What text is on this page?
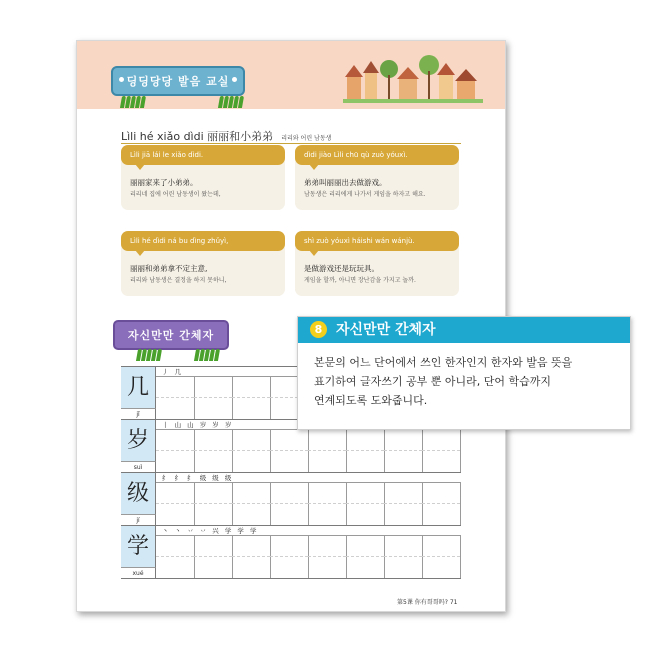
딩딩당당 발음 교실
Lìli hé xiǎo dìdi 丽丽和小弟弟 리리와 어린 남동생
Lìli jiā lái le xiǎo dìdi.
丽丽家来了小弟弟。
리리네 집에 어린 남동생이 왔는데,
dìdi jiào Lìli chū qù zuò yóuxì.
弟弟叫丽丽出去做游戏。
남동생은 리리에게 나가서 게임을 하자고 해요.
Lìli hé dìdi ná bu dìng zhǔyì,
丽丽和弟弟拿不定主意,
리리와 남동생은 결정을 하지 못하니,
shì zuò yóuxì háishi wán wánjù.
是做游戏还是玩玩具。
게임을 할까, 아니면 장난감을 가지고 놀까.
자신만만 간체자
几
jǐ
丿 几
岁
suì
丨 山 山 岁 岁 岁
级
jí
纟 纟 纟 级 级 级
学
xué
丶 丶 丷 丷 兴 学 学 学
第5课 你有哥哥吗? 71
8 자신만만 간체자
본문의 어느 단어에서 쓰인 한자인지 한자와 발음 뜻을
표기하여 글자쓰기 공부 뿐 아니라, 단어 학습까지
연계되도록 도와줍니다.
